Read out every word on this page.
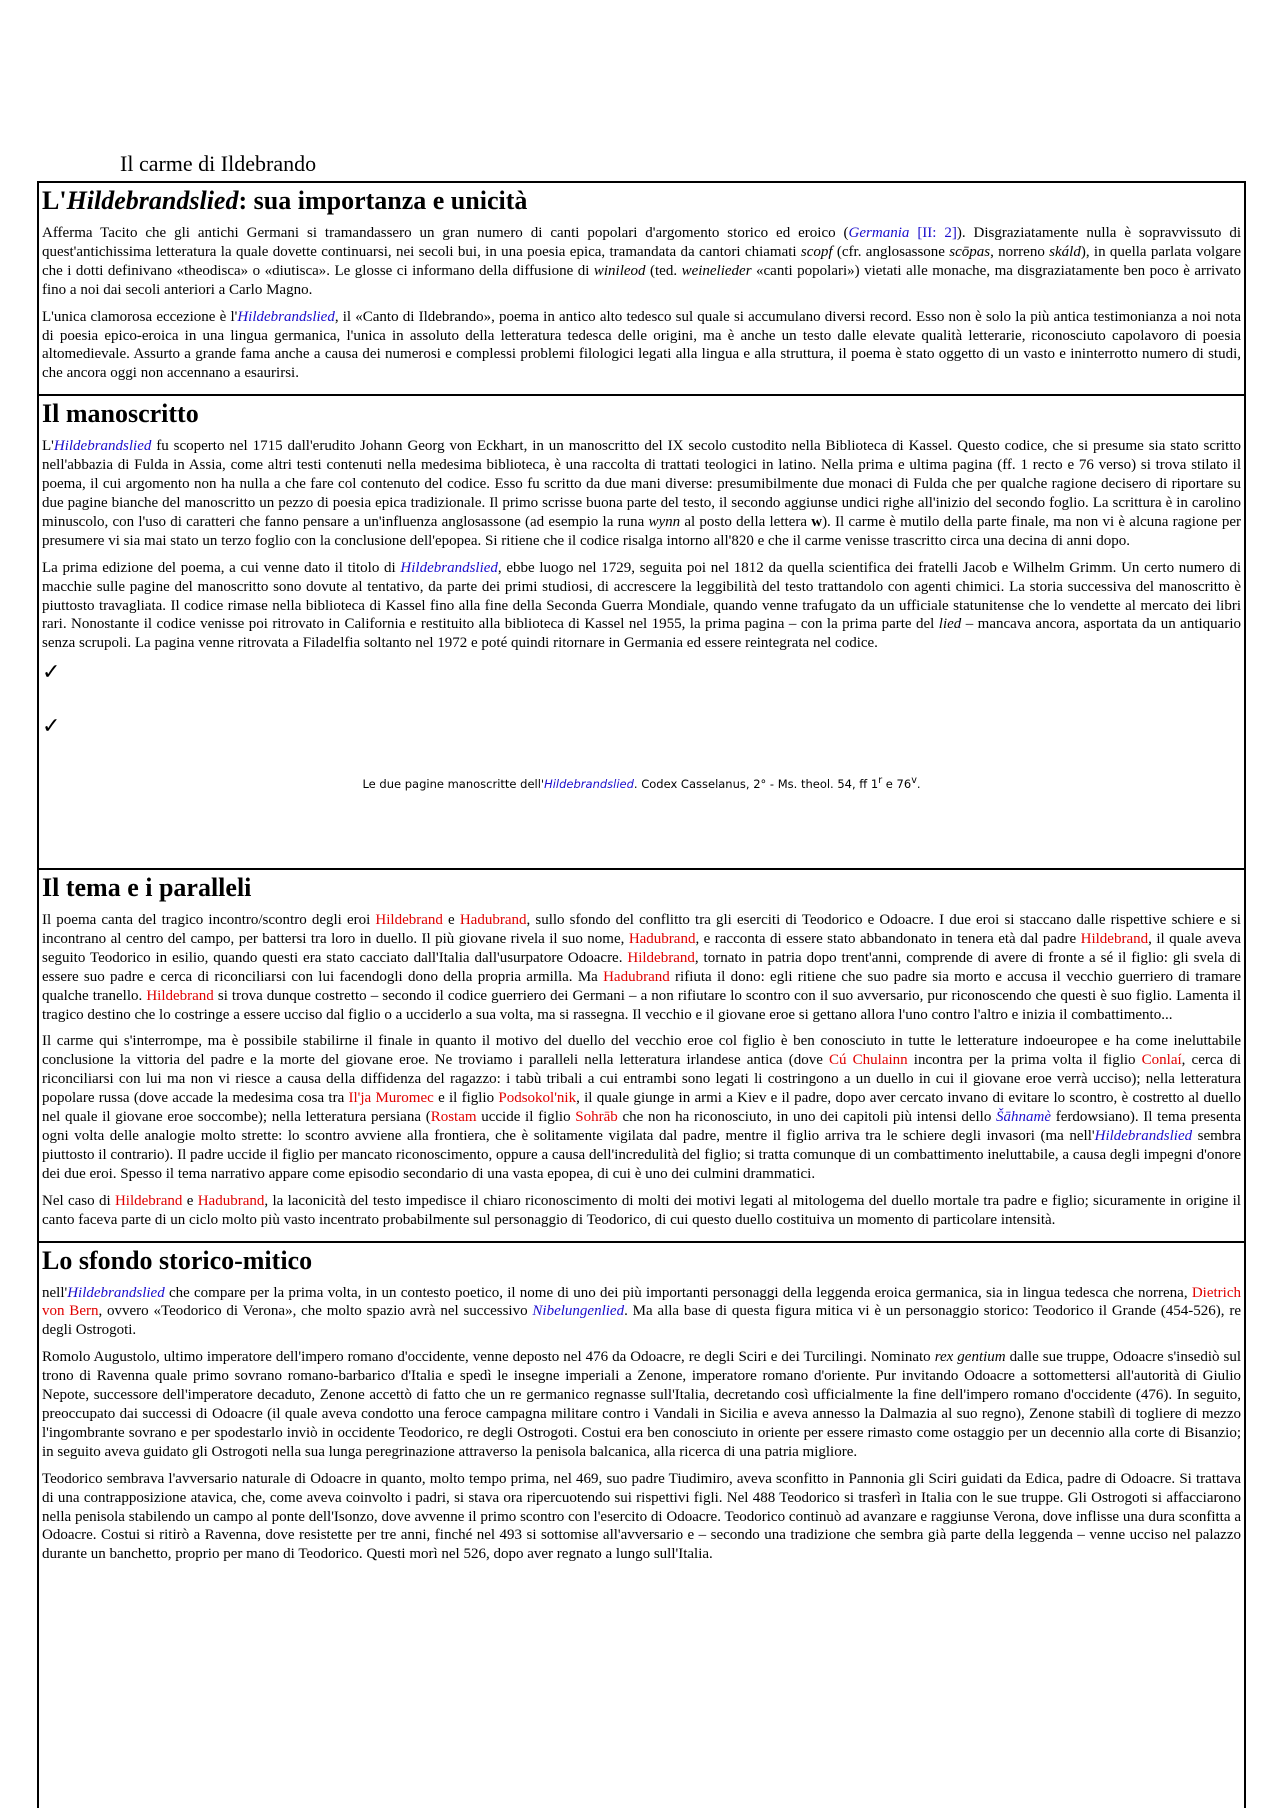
Il carme di Ildebrando
L'Hildebrandslied: sua importanza e unicità

Afferma Tacito che gli antichi Germani si tramandassero un gran numero di canti popolari d'argomento storico ed eroico (Germania [II: 2]). Disgraziatamente nulla è sopravvissuto di quest'antichissima letteratura la quale dovette continuarsi, nei secoli bui, in una poesia epica, tramandata da cantori chiamati scopf (cfr. anglosassone scōpas, norreno skáld), in quella parlata volgare che i dotti definivano «theodisca» o «diutisca». Le glosse ci informano della diffusione di winileod (ted. weinelieder «canti popolari») vietati alle monache, ma disgraziatamente ben poco è arrivato fino a noi dai secoli anteriori a Carlo Magno.

L'unica clamorosa eccezione è l'Hildebrandslied, il «Canto di Ildebrando», poema in antico alto tedesco sul quale si accumulano diversi record. Esso non è solo la più antica testimonianza a noi nota di poesia epico-eroica in una lingua germanica, l'unica in assoluto della letteratura tedesca delle origini, ma è anche un testo dalle elevate qualità letterarie, riconosciuto capolavoro di poesia altomedievale. Assurto a grande fama anche a causa dei numerosi e complessi problemi filologici legati alla lingua e alla struttura, il poema è stato oggetto di un vasto e ininterrotto numero di studi, che ancora oggi non accennano a esaurirsi.

Il manoscritto

L'Hildebrandslied fu scoperto nel 1715 dall'erudito Johann Georg von Eckhart, in un manoscritto del IX secolo custodito nella Biblioteca di Kassel. Questo codice, che si presume sia stato scritto nell'abbazia di Fulda in Assia, come altri testi contenuti nella medesima biblioteca, è una raccolta di trattati teologici in latino. Nella prima e ultima pagina (ff. 1 recto e 76 verso) si trova stilato il poema, il cui argomento non ha nulla a che fare col contenuto del codice. Esso fu scritto da due mani diverse: presumibilmente due monaci di Fulda che per qualche ragione decisero di riportare su due pagine bianche del manoscritto un pezzo di poesia epica tradizionale. Il primo scrisse buona parte del testo, il secondo aggiunse undici righe all'inizio del secondo foglio. La scrittura è in carolino minuscolo, con l'uso di caratteri che fanno pensare a un'influenza anglosassone (ad esempio la runa wynn al posto della lettera w). Il carme è mutilo della parte finale, ma non vi è alcuna ragione per presumere vi sia mai stato un terzo foglio con la conclusione dell'epopea. Si ritiene che il codice risalga intorno all'820 e che il carme venisse trascritto circa una decina di anni dopo.

La prima edizione del poema, a cui venne dato il titolo di Hildebrandslied, ebbe luogo nel 1729, seguita poi nel 1812 da quella scientifica dei fratelli Jacob e Wilhelm Grimm. Un certo numero di macchie sulle pagine del manoscritto sono dovute al tentativo, da parte dei primi studiosi, di accrescere la leggibilità del testo trattandolo con agenti chimici. La storia successiva del manoscritto è piuttosto travagliata. Il codice rimase nella biblioteca di Kassel fino alla fine della Seconda Guerra Mondiale, quando venne trafugato da un ufficiale statunitense che lo vendette al mercato dei libri rari. Nonostante il codice venisse poi ritrovato in California e restituito alla biblioteca di Kassel nel 1955, la prima pagina – con la prima parte del lied – mancava ancora, asportata da un antiquario senza scrupoli. La pagina venne ritrovata a Filadelfia soltanto nel 1972 e poté quindi ritornare in Germania ed essere reintegrata nel codice.

✓
✓
Le due pagine manoscritte dell'Hildebrandslied. Codex Casselanus, 2° - Ms. theol. 54, ff 1$^r$ e 76$^v$.
Il tema e i paralleli

Il poema canta del tragico incontro/scontro degli eroi Hildebrand e Hadubrand, sullo sfondo del conflitto tra gli eserciti di Teodorico e Odoacre. I due eroi si staccano dalle rispettive schiere e si incontrano al centro del campo, per battersi tra loro in duello. Il più giovane rivela il suo nome, Hadubrand, e racconta di essere stato abbandonato in tenera età dal padre Hildebrand, il quale aveva seguito Teodorico in esilio, quando questi era stato cacciato dall'Italia dall'usurpatore Odoacre. Hildebrand, tornato in patria dopo trent'anni, comprende di avere di fronte a sé il figlio: gli svela di essere suo padre e cerca di riconciliarsi con lui facendogli dono della propria armilla. Ma Hadubrand rifiuta il dono: egli ritiene che suo padre sia morto e accusa il vecchio guerriero di tramare qualche tranello. Hildebrand si trova dunque costretto – secondo il codice guerriero dei Germani – a non rifiutare lo scontro con il suo avversario, pur riconoscendo che questi è suo figlio. Lamenta il tragico destino che lo costringe a essere ucciso dal figlio o a ucciderlo a sua volta, ma si rassegna. Il vecchio e il giovane eroe si gettano allora l'uno contro l'altro e inizia il combattimento...

Il carme qui s'interrompe, ma è possibile stabilirne il finale in quanto il motivo del duello del vecchio eroe col figlio è ben conosciuto in tutte le letterature indoeuropee e ha come ineluttabile conclusione la vittoria del padre e la morte del giovane eroe. Ne troviamo i paralleli nella letteratura irlandese antica (dove Cú Chulainn incontra per la prima volta il figlio Conlaí, cerca di riconciliarsi con lui ma non vi riesce a causa della diffidenza del ragazzo: i tabù tribali a cui entrambi sono legati li costringono a un duello in cui il giovane eroe verrà ucciso); nella letteratura popolare russa (dove accade la medesima cosa tra Il'ja Muromec e il figlio Podsokol'nik, il quale giunge in armi a Kiev e il padre, dopo aver cercato invano di evitare lo scontro, è costretto al duello nel quale il giovane eroe soccombe); nella letteratura persiana (Rostam uccide il figlio Sohrāb che non ha riconosciuto, in uno dei capitoli più intensi dello Šāhnamè ferdowsiano). Il tema presenta ogni volta delle analogie molto strette: lo scontro avviene alla frontiera, che è solitamente vigilata dal padre, mentre il figlio arriva tra le schiere degli invasori (ma nell'Hildebrandslied sembra piuttosto il contrario). Il padre uccide il figlio per mancato riconoscimento, oppure a causa dell'incredulità del figlio; si tratta comunque di un combattimento ineluttabile, a causa degli impegni d'onore dei due eroi. Spesso il tema narrativo appare come episodio secondario di una vasta epopea, di cui è uno dei culmini drammatici.

Nel caso di Hildebrand e Hadubrand, la laconicità del testo impedisce il chiaro riconoscimento di molti dei motivi legati al mitologema del duello mortale tra padre e figlio; sicuramente in origine il canto faceva parte di un ciclo molto più vasto incentrato probabilmente sul personaggio di Teodorico, di cui questo duello costituiva un momento di particolare intensità.

Lo sfondo storico-mitico

nell'Hildebrandslied che compare per la prima volta, in un contesto poetico, il nome di uno dei più importanti personaggi della leggenda eroica germanica, sia in lingua tedesca che norrena, Dietrich von Bern, ovvero «Teodorico di Verona», che molto spazio avrà nel successivo Nibelungenlied. Ma alla base di questa figura mitica vi è un personaggio storico: Teodorico il Grande (454-526), re degli Ostrogoti.

Romolo Augustolo, ultimo imperatore dell'impero romano d'occidente, venne deposto nel 476 da Odoacre, re degli Sciri e dei Turcilingi. Nominato rex gentium dalle sue truppe, Odoacre s'insediò sul trono di Ravenna quale primo sovrano romano-barbarico d'Italia e spedì le insegne imperiali a Zenone, imperatore romano d'oriente. Pur invitando Odoacre a sottomettersi all'autorità di Giulio Nepote, successore dell'imperatore decaduto, Zenone accettò di fatto che un re germanico regnasse sull'Italia, decretando così ufficialmente la fine dell'impero romano d'occidente (476). In seguito, preoccupato dai successi di Odoacre (il quale aveva condotto una feroce campagna militare contro i Vandali in Sicilia e aveva annesso la Dalmazia al suo regno), Zenone stabilì di togliere di mezzo l'ingombrante sovrano e per spodestarlo inviò in occidente Teodorico, re degli Ostrogoti. Costui era ben conosciuto in oriente per essere rimasto come ostaggio per un decennio alla corte di Bisanzio; in seguito aveva guidato gli Ostrogoti nella sua lunga peregrinazione attraverso la penisola balcanica, alla ricerca di una patria migliore.

Teodorico sembrava l'avversario naturale di Odoacre in quanto, molto tempo prima, nel 469, suo padre Tiudimiro, aveva sconfitto in Pannonia gli Sciri guidati da Edica, padre di Odoacre. Si trattava di una contrapposizione atavica, che, come aveva coinvolto i padri, si stava ora ripercuotendo sui rispettivi figli. Nel 488 Teodorico si trasferì in Italia con le sue truppe. Gli Ostrogoti si affacciarono nella penisola stabilendo un campo al ponte dell'Isonzo, dove avvenne il primo scontro con l'esercito di Odoacre. Teodorico continuò ad avanzare e raggiunse Verona, dove inflisse una dura sconfitta a Odoacre. Costui si ritirò a Ravenna, dove resistette per tre anni, finché nel 493 si sottomise all'avversario e – secondo una tradizione che sembra già parte della leggenda – venne ucciso nel palazzo durante un banchetto, proprio per mano di Teodorico. Questi morì nel 526, dopo aver regnato a lungo sull'Italia.
